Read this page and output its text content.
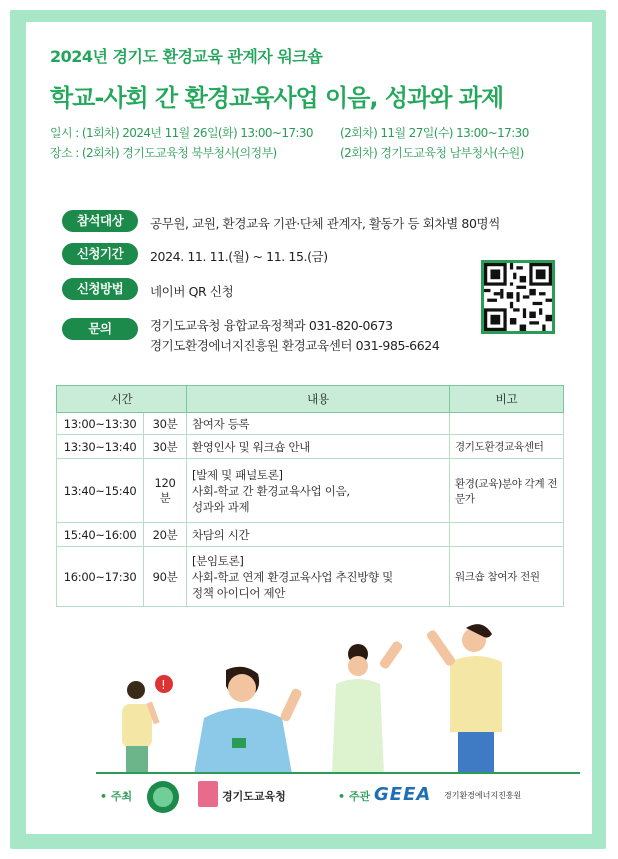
2024년 경기도 환경교육 관계자 워크숍
학교-사회 간 환경교육사업 이음, 성과와 과제
일시 : (1회차) 2024년 11월 26일(화) 13:00~17:30 (2회차) 11월 27일(수) 13:00~17:30
장소 : (2회차) 경기도교육청 북부청사(의정부)	(2회차) 경기도교육청 남부청사(수원)
참석대상	공무원, 교원, 환경교육 기관·단체 관계자, 활동가 등 회차별 80명씩
신청기간	2024. 11. 11.(월) ~ 11. 15.(금)
신청방법	네이버 QR 신청
문의	경기도교육청 융합교육정책과 031-820-0673
경기도환경에너지진흥원 환경교육센터 031-985-6624
시간		내용	비고
13:00~13:30	30분	참여자 등록	
13:30~13:40	30분	환영인사 및 워크숍 안내	경기도환경교육센터
13:40~15:40	120분	[발제 및 패널토론]
사회-학교 간 환경교육사업 이음,
성과와 과제	환경(교육)분야 각계 전문가
15:40~16:00	20분	차담의 시간	
16:00~17:30	90분	[분임토론]
사회-학교 연계 환경교육사업 추진방향 및
정책 아이디어 제안	워크숍 참여자 전원
!
• 주최	경기도교육청	• 주관 GEEA 경기환경에너지진흥원
